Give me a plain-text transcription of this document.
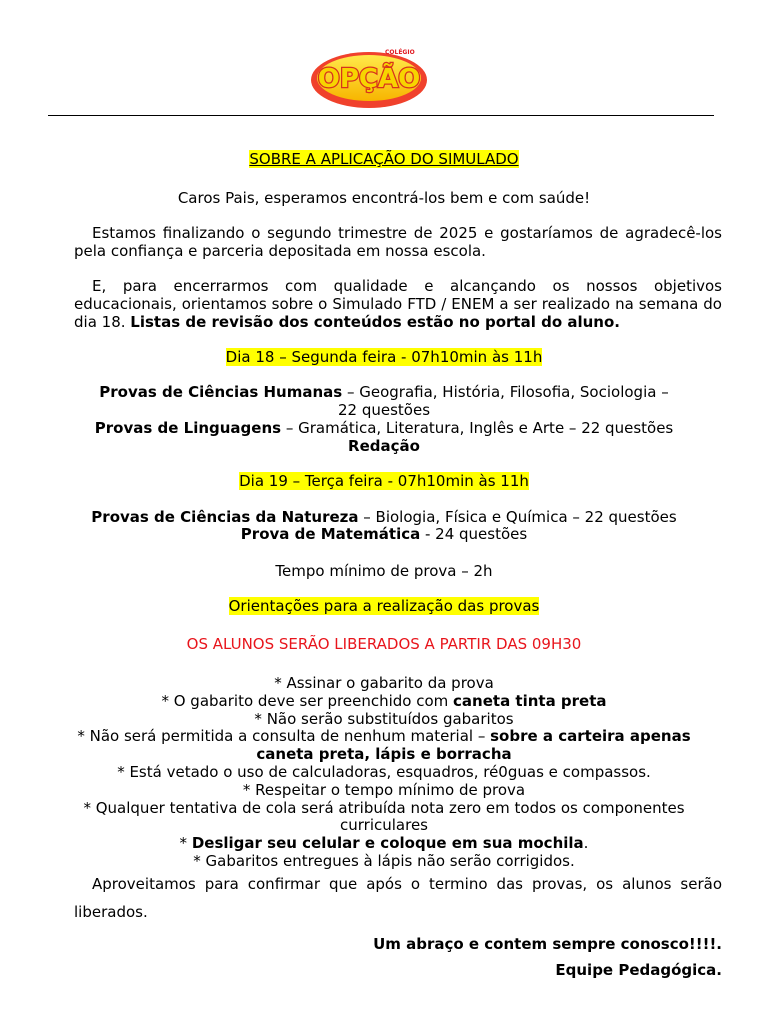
COLÉGIO
OPÇÃO
SOBRE A APLICAÇÃO DO SIMULADO
Caros Pais, esperamos encontrá-los bem e com saúde!
Estamos finalizando o segundo trimestre de 2025 e gostaríamos de agradecê-los pela confiança e parceria depositada em nossa escola.
E, para encerrarmos com qualidade e alcançando os nossos objetivos educacionais, orientamos sobre o Simulado FTD / ENEM a ser realizado na semana do dia 18. Listas de revisão dos conteúdos estão no portal do aluno.
Dia 18 – Segunda feira - 07h10min às 11h
Provas de Ciências Humanas – Geografia, História, Filosofia, Sociologia –
22 questões
Provas de Linguagens – Gramática, Literatura, Inglês e Arte – 22 questões
Redação
Dia 19 – Terça feira - 07h10min às 11h
Provas de Ciências da Natureza – Biologia, Física e Química – 22 questões
Prova de Matemática - 24 questões
Tempo mínimo de prova – 2h
Orientações para a realização das provas
OS ALUNOS SERÃO LIBERADOS A PARTIR DAS 09H30
* Assinar o gabarito da prova
* O gabarito deve ser preenchido com caneta tinta preta
* Não serão substituídos gabaritos
* Não será permitida a consulta de nenhum material – sobre a carteira apenas
caneta preta, lápis e borracha
* Está vetado o uso de calculadoras, esquadros, ré0guas e compassos.
* Respeitar o tempo mínimo de prova
* Qualquer tentativa de cola será atribuída nota zero em todos os componentes
curriculares
* Desligar seu celular e coloque em sua mochila.
* Gabaritos entregues à lápis não serão corrigidos.
Aproveitamos para confirmar que após o termino das provas, os alunos serão liberados.
Um abraço e contem sempre conosco!!!!.
Equipe Pedagógica.
